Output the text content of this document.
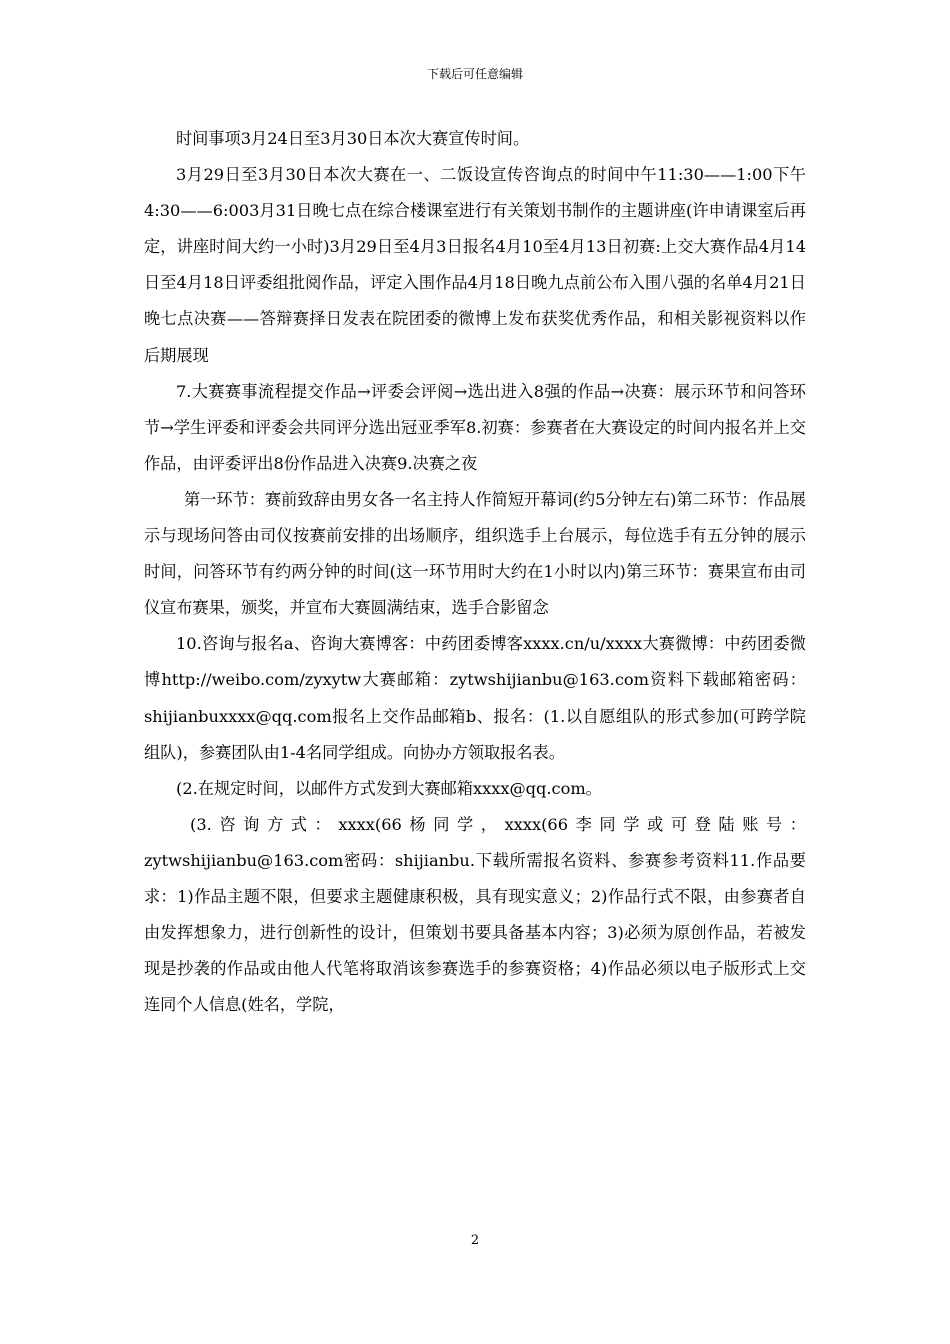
下载后可任意编辑

时间事项3月24日至3月30日本次大赛宣传时间。

3月29日至3月30日本次大赛在一、二饭设宣传咨询点的时间中午11:30——1:00下午4:30——6:003月31日晚七点在综合楼课室进行有关策划书制作的主题讲座(许申请课室后再定，讲座时间大约一小时)3月29日至4月3日报名4月10至4月13日初赛:上交大赛作品4月14日至4月18日评委组批阅作品，评定入围作品4月18日晚九点前公布入围八强的名单4月21日晚七点决赛——答辩赛择日发表在院团委的微博上发布获奖优秀作品，和相关影视资料以作后期展现

7.大赛赛事流程提交作品→评委会评阅→选出进入8强的作品→决赛：展示环节和问答环节→学生评委和评委会共同评分选出冠亚季军8.初赛：参赛者在大赛设定的时间内报名并上交作品，由评委评出8份作品进入决赛9.决赛之夜

第一环节：赛前致辞由男女各一名主持人作简短开幕词(约5分钟左右)第二环节：作品展示与现场问答由司仪按赛前安排的出场顺序，组织选手上台展示，每位选手有五分钟的展示时间，问答环节有约两分钟的时间(这一环节用时大约在1小时以内)第三环节：赛果宣布由司仪宣布赛果，颁奖，并宣布大赛圆满结束，选手合影留念

10.咨询与报名a、咨询大赛博客：中药团委博客xxxx.cn/u/xxxx大赛微博：中药团委微博http://weibo.com/zyxytw大赛邮箱：zytwshijianbu@163.com资料下载邮箱密码：shijianbuxxxx@qq.com报名上交作品邮箱b、报名：(1.以自愿组队的形式参加(可跨学院组队)，参赛团队由1-4名同学组成。向协办方领取报名表。

(2.在规定时间，以邮件方式发到大赛邮箱xxxx@qq.com。

(3.咨询方式：xxxx(66杨同学，xxxx(66李同学或可登陆账号：zytwshijianbu@163.com密码：shijianbu.下载所需报名资料、参赛参考资料11.作品要求：1)作品主题不限，但要求主题健康积极，具有现实意义；2)作品行式不限，由参赛者自由发挥想象力，进行创新性的设计，但策划书要具备基本内容；3)必须为原创作品，若被发现是抄袭的作品或由他人代笔将取消该参赛选手的参赛资格；4)作品必须以电子版形式上交连同个人信息(姓名，学院，

2
